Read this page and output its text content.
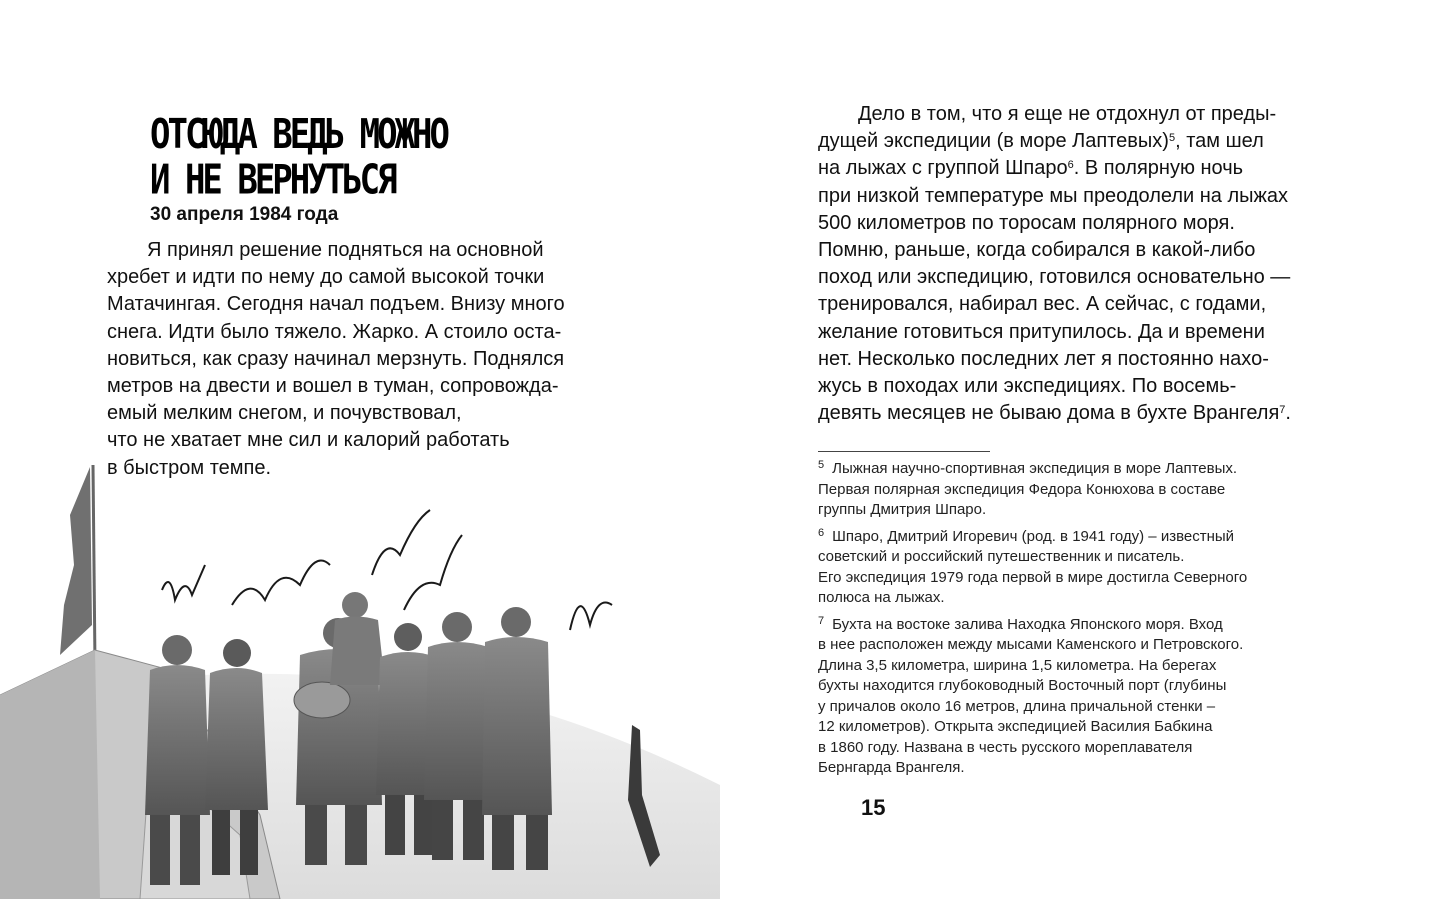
ОТСЮДА ВЕДЬ МОЖНО
И НЕ ВЕРНУТЬСЯ
30 апреля 1984 года
Я принял решение подняться на основной
хребет и идти по нему до самой высокой точки
Матачингая. Сегодня начал подъем. Внизу много
снега. Идти было тяжело. Жарко. А стоило оста-
новиться, как сразу начинал мерзнуть. Поднялся
метров на двести и вошел в туман, сопровожда-
емый мелким снегом, и почувствовал,
что не хватает мне сил и калорий работать
в быстром темпе.
Дело в том, что я еще не отдохнул от преды-
дущей экспедиции (в море Лаптевых)$^5$, там шел
на лыжах с группой Шпаро$^6$. В полярную ночь
при низкой температуре мы преодолели на лыжах
500 километров по торосам полярного моря.
Помню, раньше, когда собирался в какой-либо
поход или экспедицию, готовился основательно —
тренировался, набирал вес. А сейчас, с годами,
желание готовиться притупилось. Да и времени
нет. Несколько последних лет я постоянно нахо-
жусь в походах или экспедициях. По восемь-
девять месяцев не бываю дома в бухте Врангеля$^7$.
$^5$ Лыжная научно-спортивная экспедиция в море Лаптевых.
Первая полярная экспедиция Федора Конюхова в составе
группы Дмитрия Шпаро.
$^6$ Шпаро, Дмитрий Игоревич (род. в 1941 году) – известный
советский и российский путешественник и писатель.
Его экспедиция 1979 года первой в мире достигла Северного
полюса на лыжах.
$^7$ Бухта на востоке залива Находка Японского моря. Вход
в нее расположен между мысами Каменского и Петровского.
Длина 3,5 километра, ширина 1,5 километра. На берегах
бухты находится глубоководный Восточный порт (глубины
у причалов около 16 метров, длина причальной стенки –
12 километров). Открыта экспедицией Василия Бабкина
в 1860 году. Названа в честь русского мореплавателя
Бернгарда Врангеля.
15
